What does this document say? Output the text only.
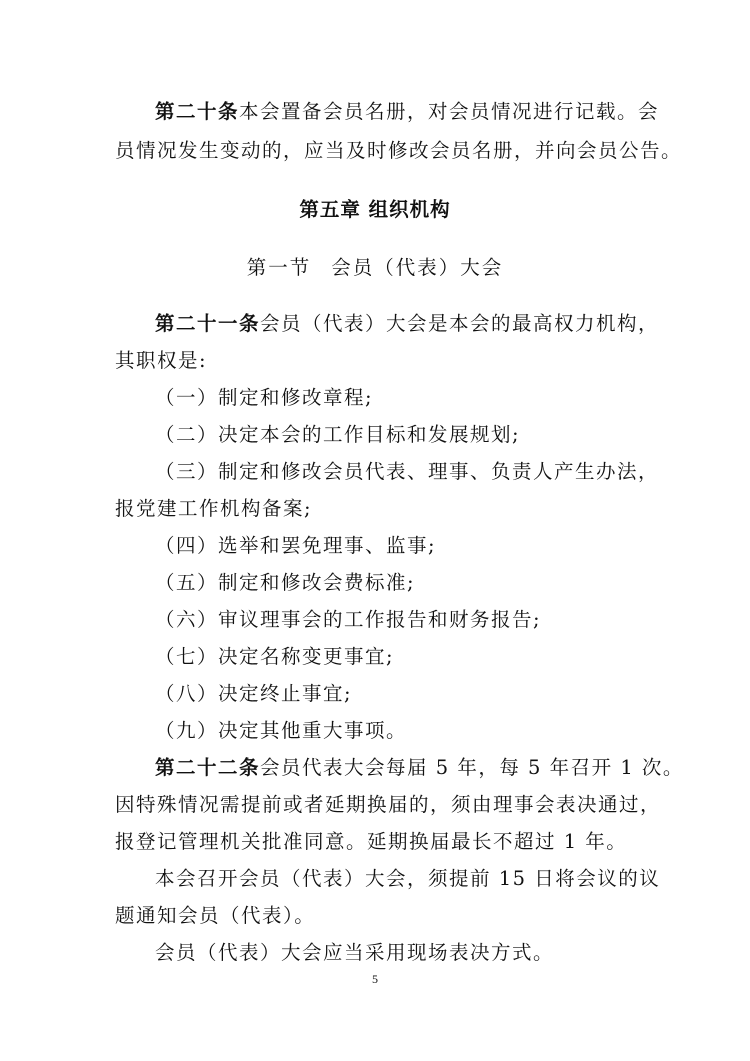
第二十条本会置备会员名册，对会员情况进行记载。会
员情况发生变动的，应当及时修改会员名册，并向会员公告。
第五章 组织机构
第一节 会员（代表）大会
第二十一条会员（代表）大会是本会的最高权力机构，
其职权是:
（一）制定和修改章程;
（二）决定本会的工作目标和发展规划;
（三）制定和修改会员代表、理事、负责人产生办法，
报党建工作机构备案;
（四）选举和罢免理事、监事;
（五）制定和修改会费标准;
（六）审议理事会的工作报告和财务报告;
（七）决定名称变更事宜;
（八）决定终止事宜;
（九）决定其他重大事项。
第二十二条会员代表大会每届 5 年，每 5 年召开 1 次。
因特殊情况需提前或者延期换届的，须由理事会表决通过，
报登记管理机关批准同意。延期换届最长不超过 1 年。
本会召开会员（代表）大会，须提前 15 日将会议的议
题通知会员（代表）。
会员（代表）大会应当采用现场表决方式。
5
